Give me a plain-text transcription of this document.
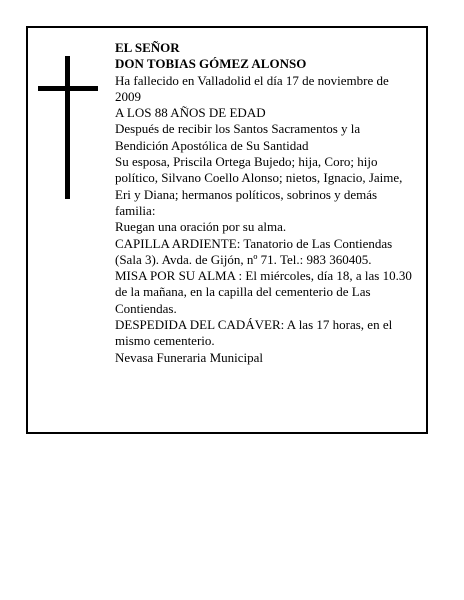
EL SEÑOR

DON TOBIAS GÓMEZ ALONSO

Ha fallecido en Valladolid el día 17 de noviembre de 2009

A LOS 88 AÑOS DE EDAD

Después de recibir los Santos Sacramentos y la Bendición Apostólica de Su Santidad

Su esposa, Priscila Ortega Bujedo; hija, Coro; hijo político, Silvano Coello Alonso; nietos, Ignacio, Jaime, Eri y Diana; hermanos políticos, sobrinos y demás familia:

Ruegan una oración por su alma.

CAPILLA ARDIENTE: Tanatorio de Las Contiendas (Sala 3). Avda. de Gijón, nº 71. Tel.: 983 360405.

MISA POR SU ALMA : El miércoles, día 18, a las 10.30 de la mañana, en la capilla del cementerio de Las Contiendas.

DESPEDIDA DEL CADÁVER: A las 17 horas, en el mismo cementerio.

Nevasa Funeraria Municipal
